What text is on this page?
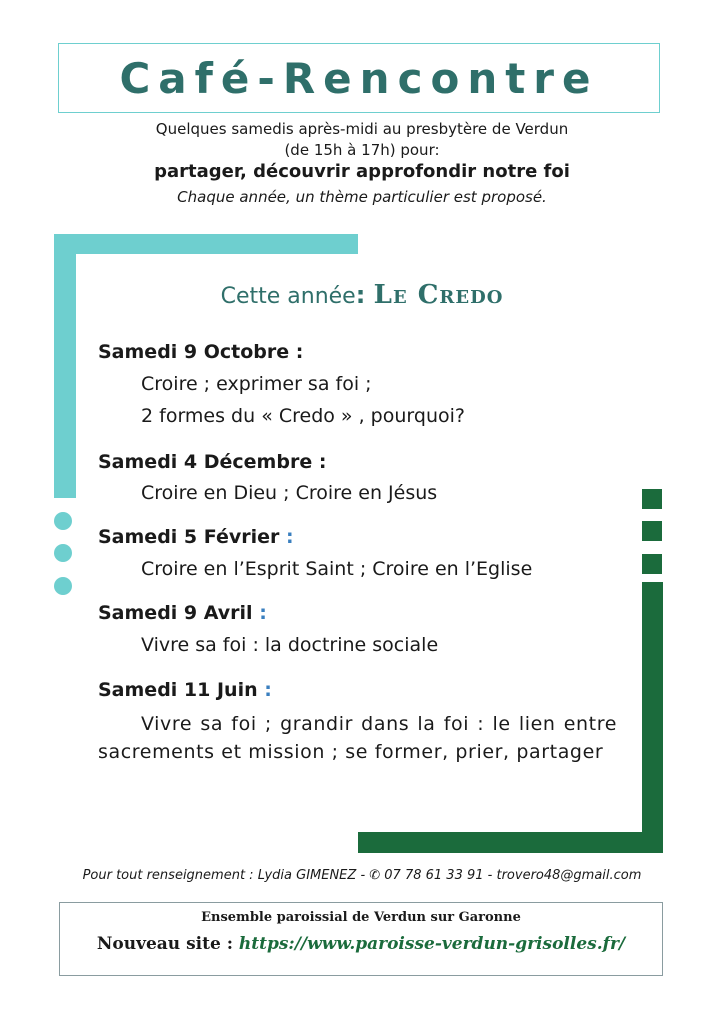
Café-Rencontre
Quelques samedis après-midi au presbytère de Verdun
(de 15h à 17h) pour:
partager, découvrir approfondir notre foi
Chaque année, un thème particulier est proposé.
Cette année: Le Credo
Samedi 9 Octobre :
Croire ; exprimer sa foi ;
2 formes du « Credo » , pourquoi?
Samedi 4 Décembre :
Croire en Dieu ; Croire en Jésus
Samedi 5 Février :
Croire en l’Esprit Saint ; Croire en l’Eglise
Samedi 9 Avril :
Vivre sa foi : la doctrine sociale
Samedi 11 Juin :
Vivre sa foi ; grandir dans la foi : le lien entre sacrements et mission ; se former, prier, partager
Pour tout renseignement : Lydia GIMENEZ - ✆ 07 78 61 33 91 - trovero48@gmail.com
Ensemble paroissial de Verdun sur Garonne
Nouveau site : https://www.paroisse-verdun-grisolles.fr/
